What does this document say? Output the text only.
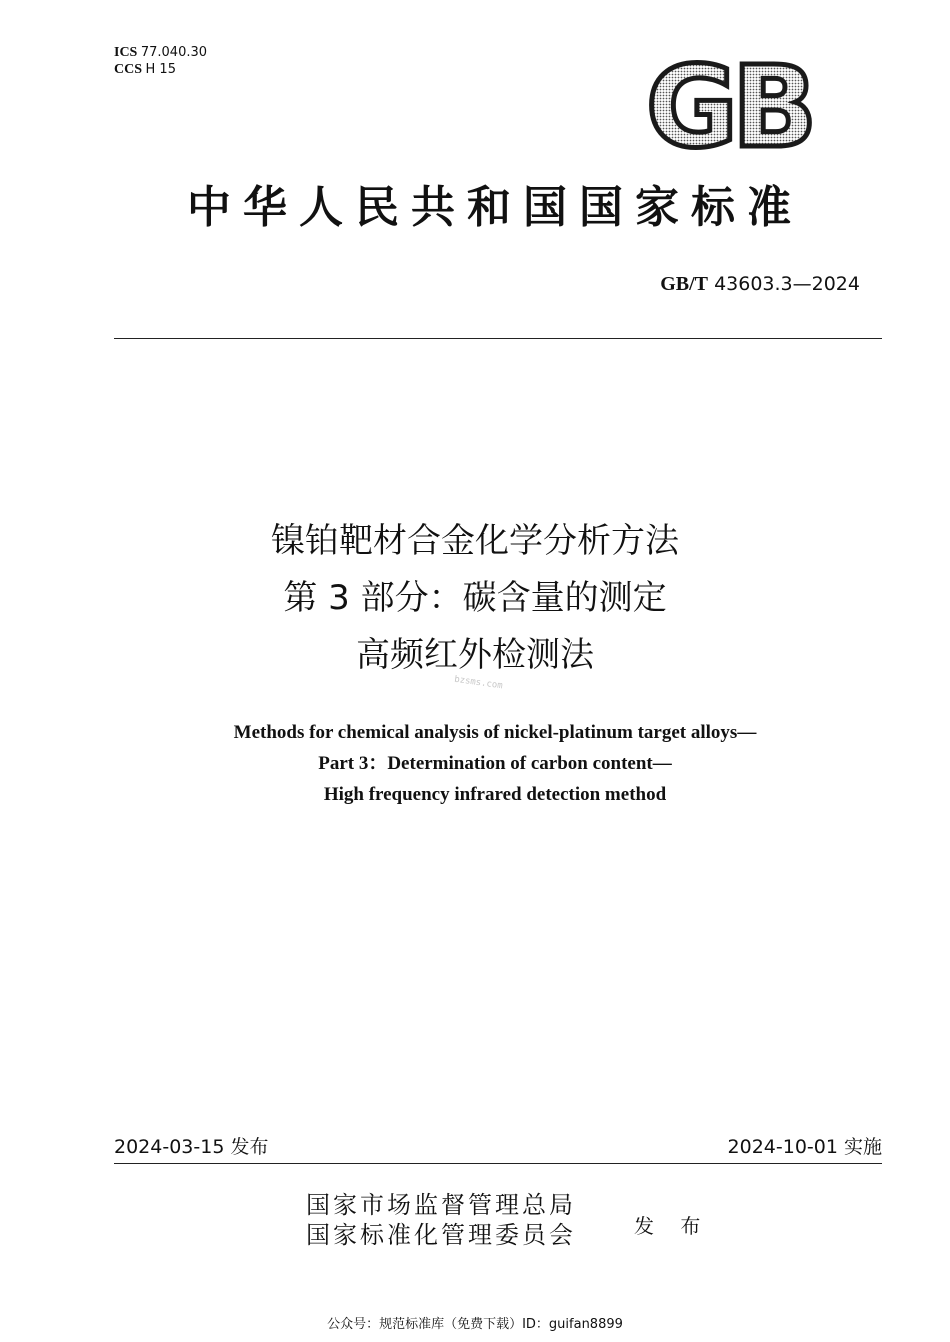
ICS 77.040.30
CCS H 15	GB
中华人民共和国国家标准
GB/T 43603.3—2024
镍铂靶材合金化学分析方法
第 3 部分：碳含量的测定
高频红外检测法
bzsms.com
Methods for chemical analysis of nickel-platinum target alloys—
Part 3：Determination of carbon content—
High frequency infrared detection method
2024-03-15 发布	2024-10-01 实施
国家市场监督管理总局
国家标准化管理委员会	发 布
公众号：规范标准库（免费下载）ID：guifan8899
